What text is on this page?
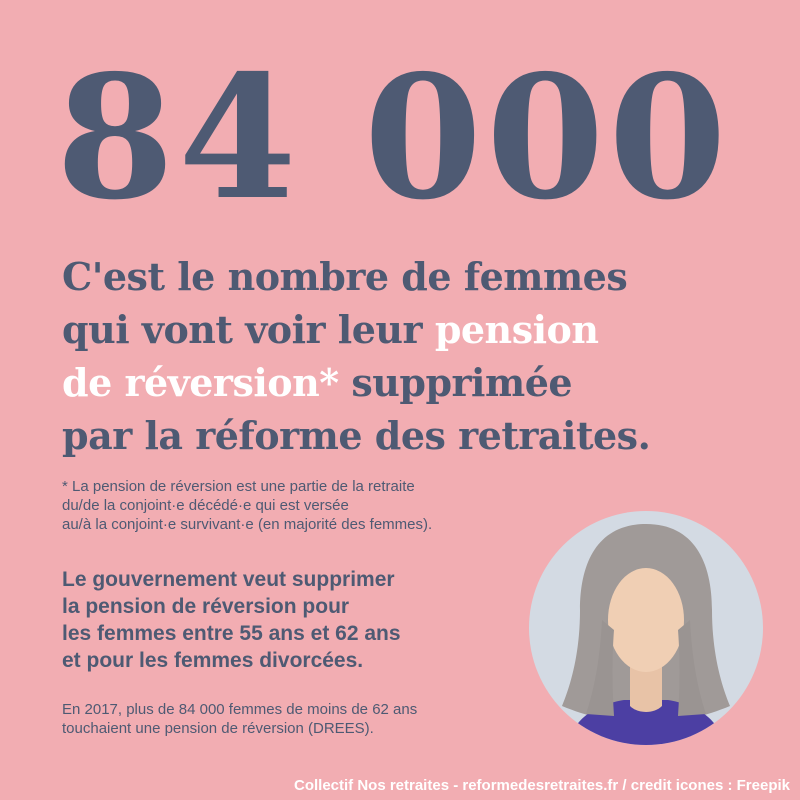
84 000
C'est le nombre de femmes
qui vont voir leur pension
de réversion* supprimée
par la réforme des retraites.
* La pension de réversion est une partie de la retraite
du/de la conjoint·e décédé·e qui est versée
au/à la conjoint·e survivant·e (en majorité des femmes).
Le gouvernement veut supprimer
la pension de réversion pour
les femmes entre 55 ans et 62 ans
et pour les femmes divorcées.
En 2017, plus de 84 000 femmes de moins de 62 ans
touchaient une pension de réversion (DREES).
Collectif Nos retraites - reformedesretraites.fr / credit icones : Freepik
